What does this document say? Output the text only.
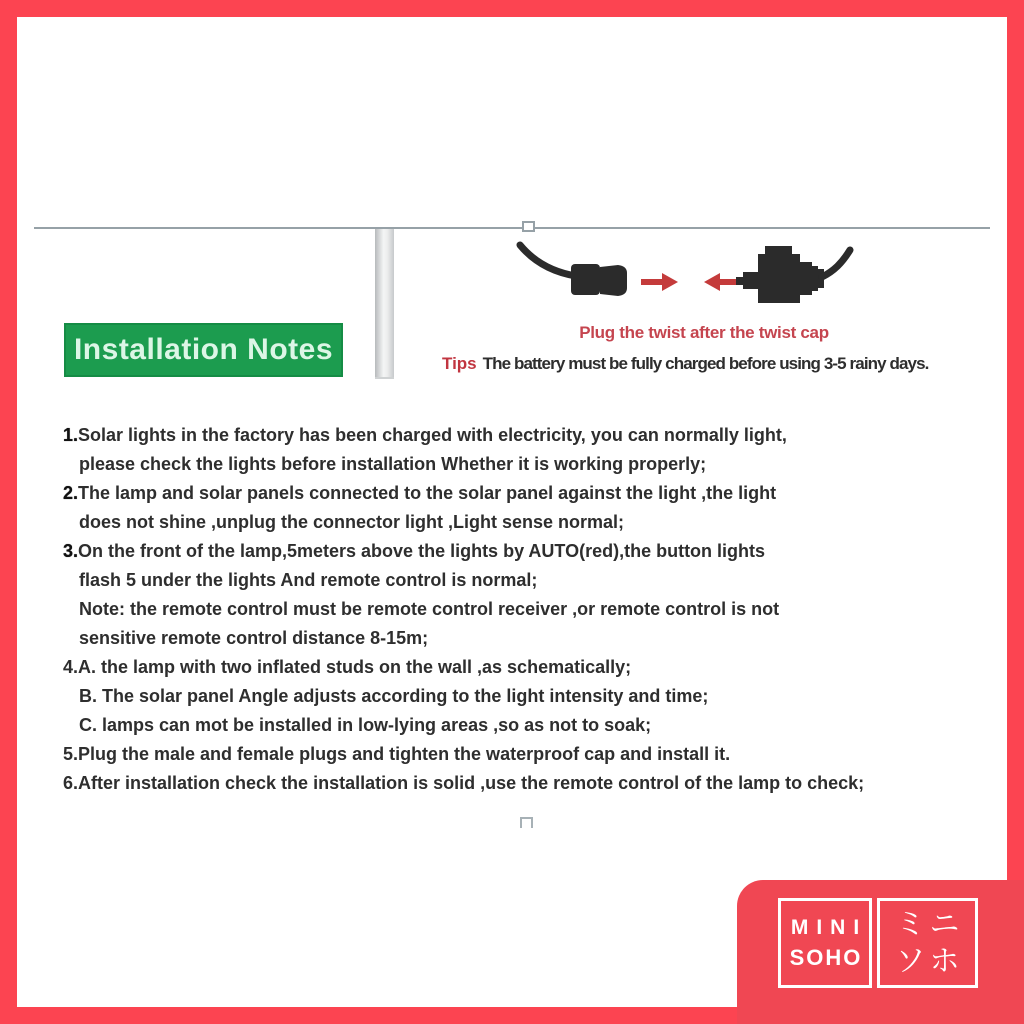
Installation Notes
Plug the twist after the twist cap
Tips The battery must be fully charged before using 3-5 rainy days.
1.Solar lights in the factory has been charged with electricity, you can normally light,
please check the lights before installation Whether it is working properly;
2.The lamp and solar panels connected to the solar panel against the light ,the light
does not shine ,unplug the connector light ,Light sense normal;
3.On the front of the lamp,5meters above the lights by AUTO(red),the button lights
flash 5 under the lights And remote control is normal;
Note: the remote control must be remote control receiver ,or remote control is not
sensitive remote control distance 8-15m;
4.A. the lamp with two inflated studs on the wall ,as schematically;
B. The solar panel Angle adjusts according to the light intensity and time;
C. lamps can mot be installed in low-lying areas ,so as not to soak;
5.Plug the male and female plugs and tighten the waterproof cap and install it.
6.After installation check the installation is solid ,use the remote control of the lamp to check;
MINI
SOHO
ミニ
ソホ
